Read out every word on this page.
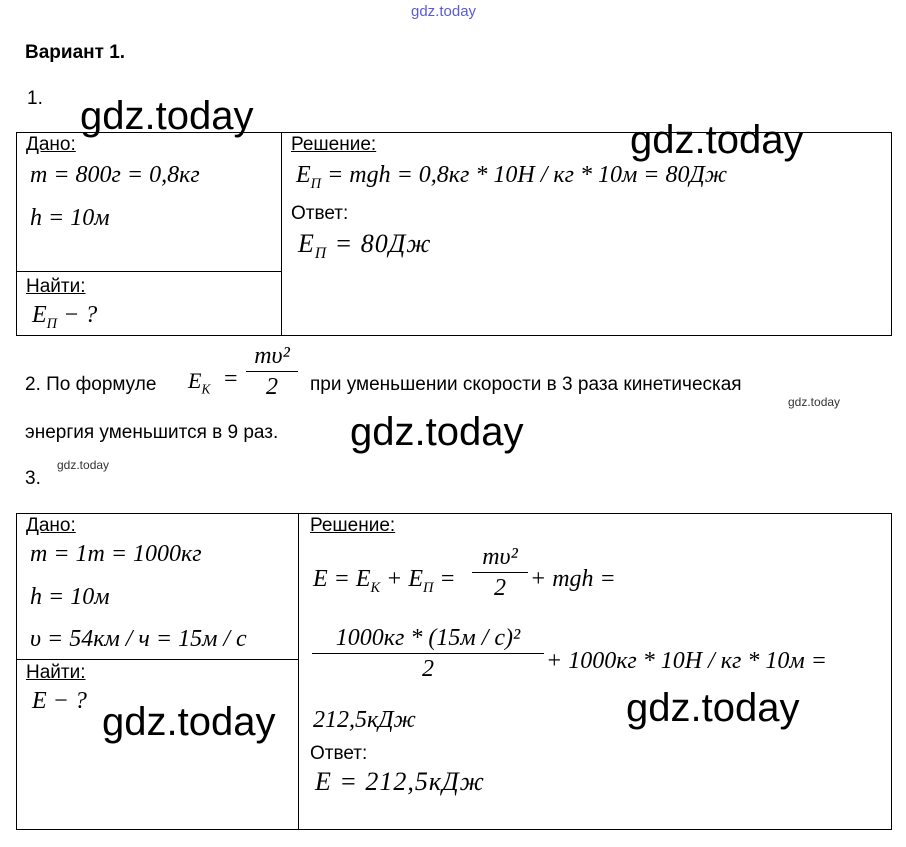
gdz.today
Вариант 1.
1.
Дано:
m = 800г = 0,8кг
h = 10м
Найти:
$E_П$ − ?
Решение:
$E_П$ = mgh = 0,8кг * 10H / кг * 10м = 80Дж
Ответ:
$E_П = 80Дж$
gdz.today
gdz.today
2. По формуле $E_K$ =
mυ²
2 при уменьшении скорости в 3 раза кинетическая
энергия уменьшится в 9 раз.
gdz.today
gdz.today
3.
gdz.today
Дано:
m = 1т = 1000кг
h = 10м
υ = 54км / ч = 15м / с
Найти:
E − ?
Решение:
$E = E_K + E_П$ =
mυ²
2 + mgh =
1000кг * (15м / с)²
2	+ 1000кг * 10H / кг * 10м =
212,5кДж
Ответ:
E = 212,5кДж
gdz.today	gdz.today
